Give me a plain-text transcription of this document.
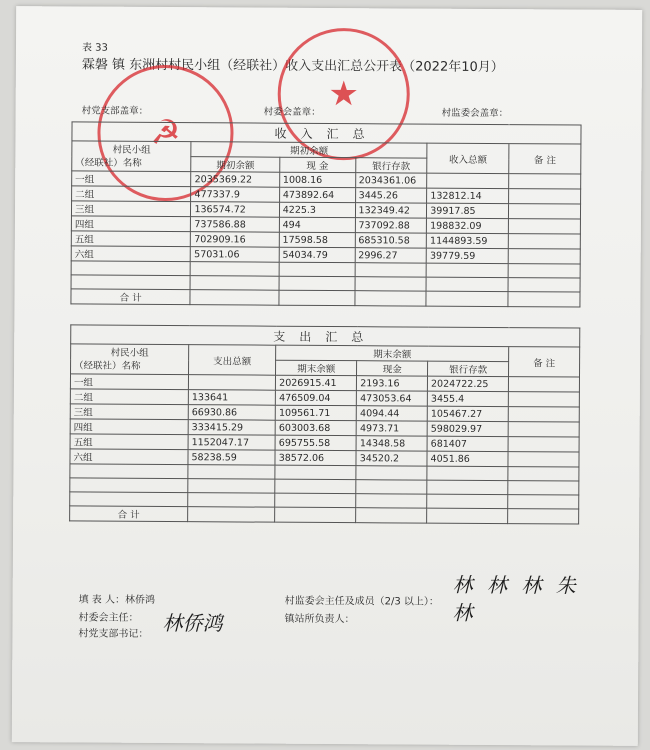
表 33
霖磐 镇 东洲村村民小组（经联社）收入支出汇总公开表（2022年10月）
☭
★
村党支部盖章：	村委会盖章：	村监委会盖章：
收入汇总					

村民小组
（经联社）名称	期初余额			收入总额	备 注
	期初余额	现 金	银行存款		
一组	2035369.22	1008.16	2034361.06		
二组	477337.9	473892.64	3445.26	132812.14	
三组	136574.72	4225.3	132349.42	39917.85	
四组	737586.88	494	737092.88	198832.09	
五组	702909.16	17598.58	685310.58	1144893.59	
六组	57031.06	54034.79	2996.27	39779.59	

合 计					
支出汇总					

村民小组
（经联社）名称	支出总额	期末余额			备 注
		期末余额	现金	银行存款	
一组		2026915.41	2193.16	2024722.25	
二组	133641	476509.04	473053.64	3455.4	
三组	66930.86	109561.71	4094.44	105467.27	
四组	333415.29	603003.68	4973.71	598029.97	
五组	1152047.17	695755.58	14348.58	681407	
六组	58238.59	38572.06	34520.2	4051.86	

合 计					
填 表 人：林侨鸿
村委会主任：
村党支部书记： 林侨鸿
村监委会主任及成员（2/3 以上）：
镇站所负责人：
林 林 林 朱 林
